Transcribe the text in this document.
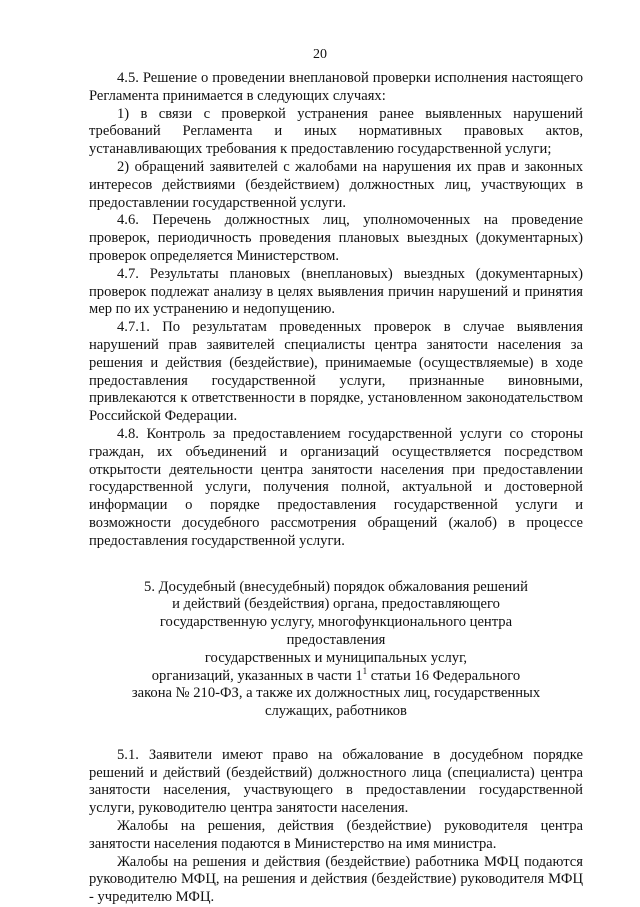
20

4.5. Решение о проведении внеплановой проверки исполнения настоящего Регламента принимается в следующих случаях:

1) в связи с проверкой устранения ранее выявленных нарушений требований Регламента и иных нормативных правовых актов, устанавливающих требования к предоставлению государственной услуги;

2) обращений заявителей с жалобами на нарушения их прав и законных интересов действиями (бездействием) должностных лиц, участвующих в предоставлении государственной услуги.

4.6. Перечень должностных лиц, уполномоченных на проведение проверок, периодичность проведения плановых выездных (документарных) проверок определяется Министерством.

4.7. Результаты плановых (внеплановых) выездных (документарных) проверок подлежат анализу в целях выявления причин нарушений и принятия мер по их устранению и недопущению.

4.7.1. По результатам проведенных проверок в случае выявления нарушений прав заявителей специалисты центра занятости населения за решения и действия (бездействие), принимаемые (осуществляемые) в ходе предоставления государственной услуги, признанные виновными, привлекаются к ответственности в порядке, установленном законодательством Российской Федерации.

4.8. Контроль за предоставлением государственной услуги со стороны граждан, их объединений и организаций осуществляется посредством открытости деятельности центра занятости населения при предоставлении государственной услуги, получения полной, актуальной и достоверной информации о порядке предоставления государственной услуги и возможности досудебного рассмотрения обращений (жалоб) в процессе предоставления государственной услуги.

5. Досудебный (внесудебный) порядок обжалования решений
и действий (бездействия) органа, предоставляющего
государственную услугу, многофункционального центра предоставления
государственных и муниципальных услуг,
организаций, указанных в части $1^1$ статьи 16 Федерального
закона № 210-ФЗ, а также их должностных лиц, государственных
служащих, работников

5.1. Заявители имеют право на обжалование в досудебном порядке решений и действий (бездействий) должностного лица (специалиста) центра занятости населения, участвующего в предоставлении государственной услуги, руководителю центра занятости населения.

Жалобы на решения, действия (бездействие) руководителя центра занятости населения подаются в Министерство на имя министра.

Жалобы на решения и действия (бездействие) работника МФЦ подаются руководителю МФЦ, на решения и действия (бездействие) руководителя МФЦ - учредителю МФЦ.
